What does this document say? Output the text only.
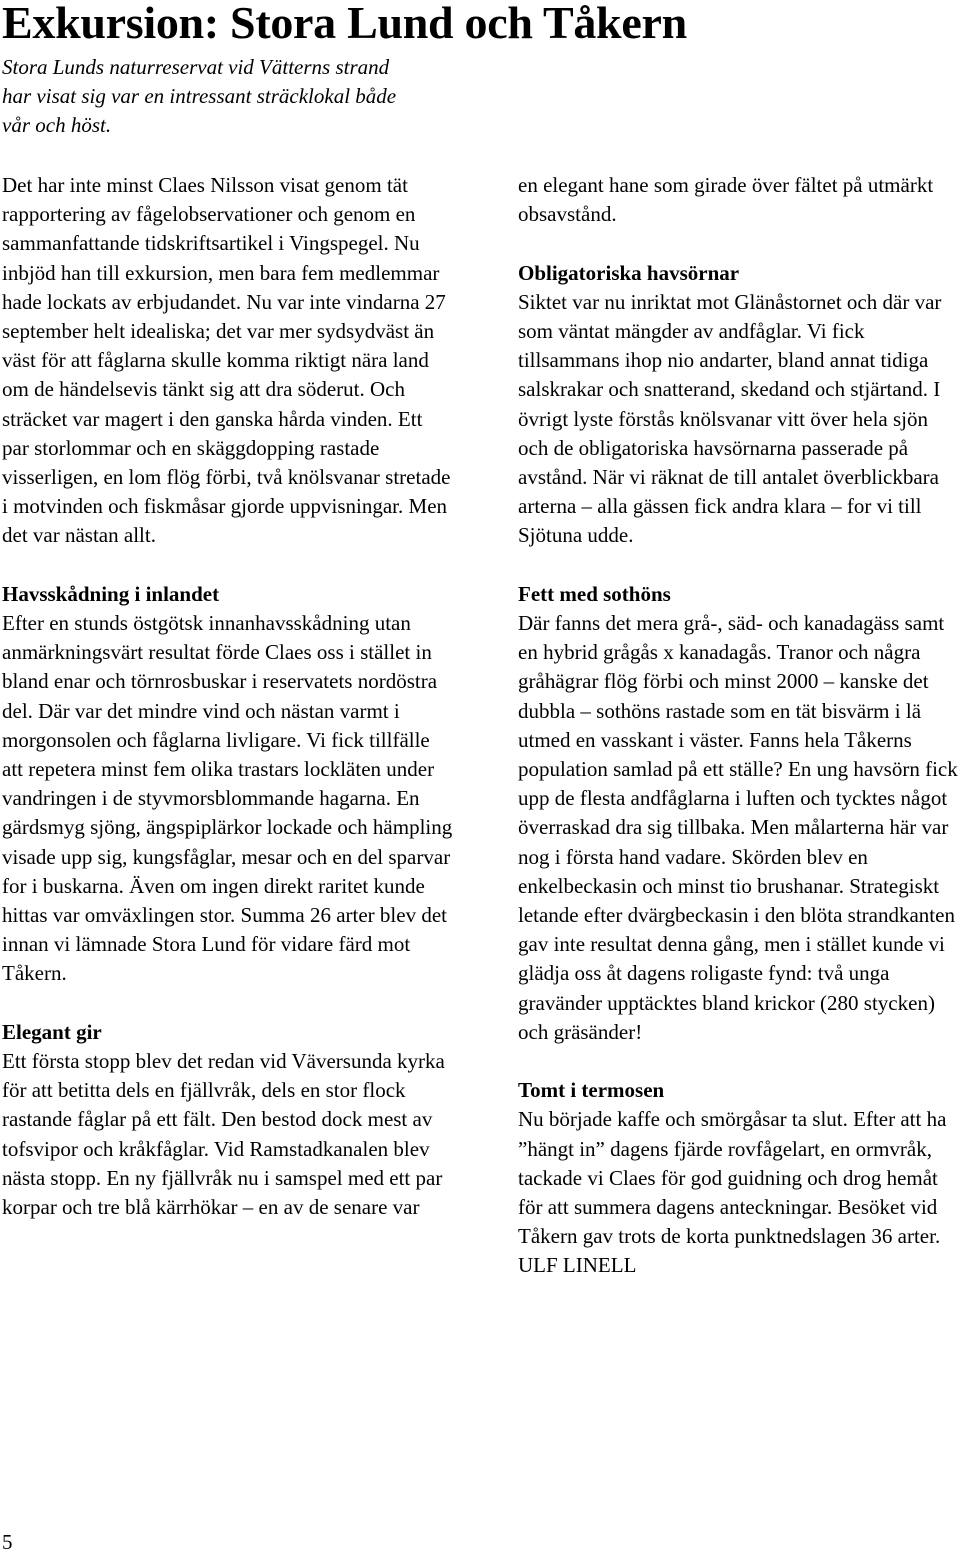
Exkursion: Stora Lund och Tåkern

Stora Lunds naturreservat vid Vätterns strand har visat sig var en intressant sträcklokal både vår och höst.

Det har inte minst Claes Nilsson visat genom tät rapportering av fågelobservationer och genom en sammanfattande tidskriftsartikel i Vingspegel. Nu inbjöd han till exkursion, men bara fem medlemmar hade lockats av erbjudandet. Nu var inte vindarna 27 september helt idealiska; det var mer sydsydväst än väst för att fåglarna skulle komma riktigt nära land om de händelsevis tänkt sig att dra söderut. Och sträcket var magert i den ganska hårda vinden. Ett par storlommar och en skäggdopping rastade visserligen, en lom flög förbi, två knölsvanar stretade i motvinden och fiskmåsar gjorde uppvisningar. Men det var nästan allt.

Havsskådning i inlandet

Efter en stunds östgötsk innanhavsskådning utan anmärkningsvärt resultat förde Claes oss i stället in bland enar och törnrosbuskar i reservatets nordöstra del. Där var det mindre vind och nästan varmt i morgonsolen och fåglarna livligare. Vi fick tillfälle att repetera minst fem olika trastars lockläten under vandringen i de styvmorsblommande hagarna. En gärdsmyg sjöng, ängspiplärkor lockade och hämpling visade upp sig, kungsfåglar, mesar och en del sparvar for i buskarna. Även om ingen direkt raritet kunde hittas var omväxlingen stor. Summa 26 arter blev det innan vi lämnade Stora Lund för vidare färd mot Tåkern.

Elegant gir

Ett första stopp blev det redan vid Väversunda kyrka för att betitta dels en fjällvråk, dels en stor flock rastande fåglar på ett fält. Den bestod dock mest av tofsvipor och kråkfåglar. Vid Ramstadkanalen blev nästa stopp. En ny fjällvråk nu i samspel med ett par korpar och tre blå kärrhökar – en av de senare var

en elegant hane som girade över fältet på utmärkt obsavstånd.

Obligatoriska havsörnar

Siktet var nu inriktat mot Glänåstornet och där var som väntat mängder av andfåglar. Vi fick tillsammans ihop nio andarter, bland annat tidiga salskrakar och snatterand, skedand och stjärtand. I övrigt lyste förstås knölsvanar vitt över hela sjön och de obligatoriska havsörnarna passerade på avstånd. När vi räknat de till antalet överblickbara arterna – alla gässen fick andra klara – for vi till Sjötuna udde.

Fett med sothöns

Där fanns det mera grå-, säd- och kanadagäss samt en hybrid grågås x kanadagås. Tranor och några gråhägrar flög förbi och minst 2000 – kanske det dubbla – sothöns rastade som en tät bisvärm i lä utmed en vasskant i väster. Fanns hela Tåkerns population samlad på ett ställe? En ung havsörn fick upp de flesta andfåglarna i luften och tycktes något överraskad dra sig tillbaka. Men målarterna här var nog i första hand vadare. Skörden blev en enkelbeckasin och minst tio brushanar. Strategiskt letande efter dvärgbeckasin i den blöta strandkanten gav inte resultat denna gång, men i stället kunde vi glädja oss åt dagens roligaste fynd: två unga gravänder upptäcktes bland krickor (280 stycken) och gräsänder!

Tomt i termosen

Nu började kaffe och smörgåsar ta slut. Efter att ha ”hängt in” dagens fjärde rovfågelart, en ormvråk, tackade vi Claes för god guidning och drog hemåt för att summera dagens anteckningar. Besöket vid Tåkern gav trots de korta punktnedslagen 36 arter.

ULF LINELL

5
